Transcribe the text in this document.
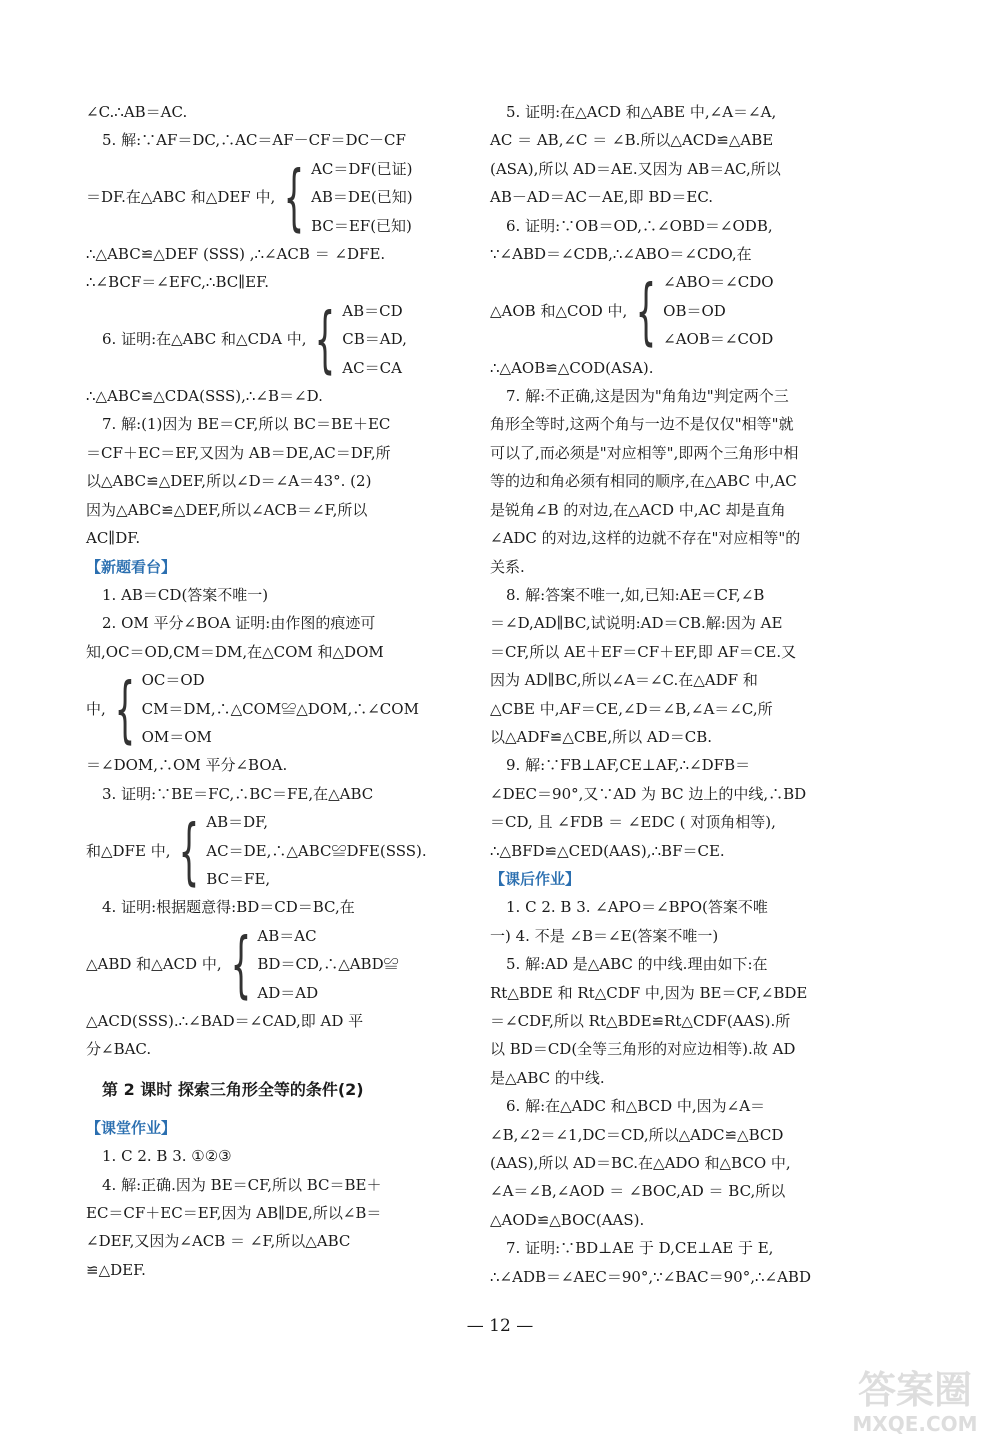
∠C.∴AB＝AC.

5. 解:∵AF＝DC,∴AC＝AF－CF＝DC－CF

＝DF.在△ABC 和△DEF 中, { AC＝DF(已证)
AB＝DE(已知)
BC＝EF(已知)

∴△ABC≌△DEF (SSS) ,∴∠ACB ＝ ∠DFE.

∴∠BCF＝∠EFC,∴BC∥EF.

6. 证明:在△ABC 和△CDA 中, { AB＝CD
CB＝AD,
AC＝CA

∴△ABC≌△CDA(SSS),∴∠B＝∠D.

7. 解:(1)因为 BE＝CF,所以 BC＝BE＋EC

＝CF＋EC＝EF,又因为 AB＝DE,AC＝DF,所

以△ABC≌△DEF,所以∠D＝∠A＝43°. (2)

因为△ABC≌△DEF,所以∠ACB＝∠F,所以

AC∥DF.

【新题看台】

1. AB＝CD(答案不唯一)

2. OM 平分∠BOA 证明:由作图的痕迹可

知,OC＝OD,CM＝DM,在△COM 和△DOM

中, { OC＝OD
CM＝DM,∴△COM≌△DOM,∴∠COM
OM＝OM

＝∠DOM,∴OM 平分∠BOA.

3. 证明:∵BE＝FC,∴BC＝FE,在△ABC

和△DFE 中, { AB＝DF,
AC＝DE,∴△ABC≌DFE(SSS).
BC＝FE,

4. 证明:根据题意得:BD＝CD＝BC,在

△ABD 和△ACD 中, { AB＝AC
BD＝CD,∴△ABD≌
AD＝AD

△ACD(SSS).∴∠BAD＝∠CAD,即 AD 平

分∠BAC.

第 2 课时 探索三角形全等的条件(2)
【课堂作业】

1. C 2. B 3. ①②③

4. 解:正确.因为 BE＝CF,所以 BC＝BE＋

EC＝CF＋EC＝EF,因为 AB∥DE,所以∠B＝

∠DEF,又因为∠ACB ＝ ∠F,所以△ABC

≌△DEF.

5. 证明:在△ACD 和△ABE 中,∠A＝∠A,

AC ＝ AB,∠C ＝ ∠B.所以△ACD≌△ABE

(ASA),所以 AD＝AE.又因为 AB＝AC,所以

AB－AD＝AC－AE,即 BD＝EC.

6. 证明:∵OB＝OD,∴∠OBD＝∠ODB,

∵∠ABD＝∠CDB,∴∠ABO＝∠CDO,在

△AOB 和△COD 中, { ∠ABO＝∠CDO
OB＝OD
∠AOB＝∠COD

∴△AOB≌△COD(ASA).

7. 解:不正确,这是因为"角角边"判定两个三

角形全等时,这两个角与一边不是仅仅"相等"就

可以了,而必须是"对应相等",即两个三角形中相

等的边和角必须有相同的顺序,在△ABC 中,AC

是锐角∠B 的对边,在△ACD 中,AC 却是直角

∠ADC 的对边,这样的边就不存在"对应相等"的

关系.

8. 解:答案不唯一,如,已知:AE＝CF,∠B

＝∠D,AD∥BC,试说明:AD＝CB.解:因为 AE

＝CF,所以 AE＋EF＝CF＋EF,即 AF＝CE.又

因为 AD∥BC,所以∠A＝∠C.在△ADF 和

△CBE 中,AF＝CE,∠D＝∠B,∠A＝∠C,所

以△ADF≌△CBE,所以 AD＝CB.

9. 解:∵FB⊥AF,CE⊥AF,∴∠DFB＝

∠DEC＝90°,又∵AD 为 BC 边上的中线,∴BD

＝CD, 且 ∠FDB ＝ ∠EDC ( 对顶角相等),

∴△BFD≌△CED(AAS),∴BF＝CE.

【课后作业】

1. C 2. B 3. ∠APO＝∠BPO(答案不唯

一) 4. 不是 ∠B＝∠E(答案不唯一)

5. 解:AD 是△ABC 的中线.理由如下:在

Rt△BDE 和 Rt△CDF 中,因为 BE＝CF,∠BDE

＝∠CDF,所以 Rt△BDE≌Rt△CDF(AAS).所

以 BD＝CD(全等三角形的对应边相等).故 AD

是△ABC 的中线.

6. 解:在△ADC 和△BCD 中,因为∠A＝

∠B,∠2＝∠1,DC＝CD,所以△ADC≌△BCD

(AAS),所以 AD＝BC.在△ADO 和△BCO 中,

∠A＝∠B,∠AOD ＝ ∠BOC,AD ＝ BC,所以

△AOD≌△BOC(AAS).

7. 证明:∵BD⊥AE 于 D,CE⊥AE 于 E,

∴∠ADB＝∠AEC＝90°,∵∠BAC＝90°,∴∠ABD

— 12 —
答案圈
MXQE.COM
